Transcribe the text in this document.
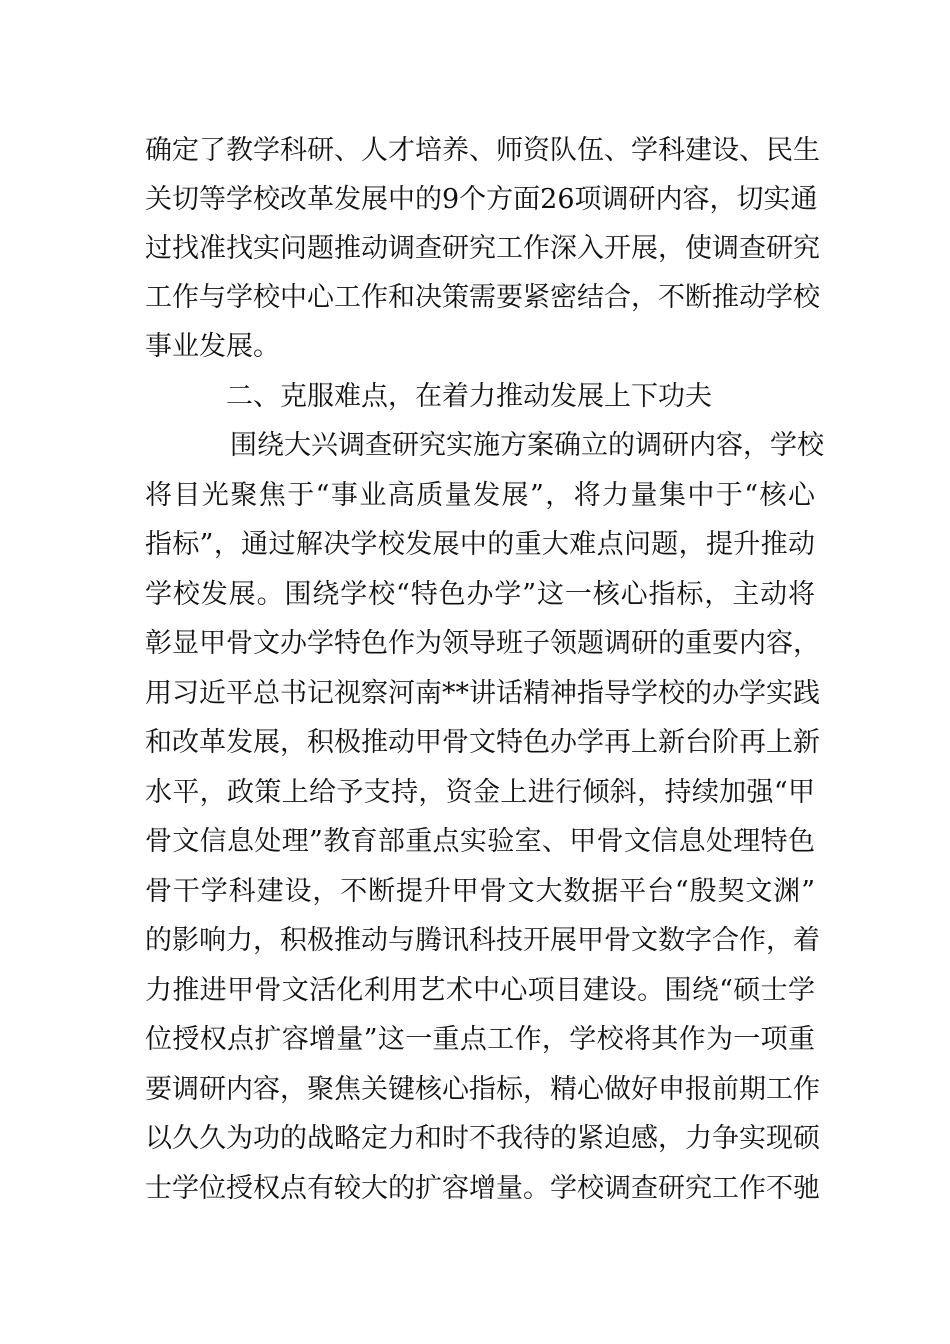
确定了教学科研、人才培养、师资队伍、学科建设、民生
关切等学校改革发展中的9个方面26项调研内容，切实通
过找准找实问题推动调查研究工作深入开展，使调查研究
工作与学校中心工作和决策需要紧密结合，不断推动学校
事业发展。
二、克服难点，在着力推动发展上下功夫
围绕大兴调查研究实施方案确立的调研内容，学校
将目光聚焦于“事业高质量发展”，将力量集中于“核心
指标”，通过解决学校发展中的重大难点问题，提升推动
学校发展。围绕学校“特色办学”这一核心指标，主动将
彰显甲骨文办学特色作为领导班子领题调研的重要内容，
用习近平总书记视察河南**讲话精神指导学校的办学实践
和改革发展，积极推动甲骨文特色办学再上新台阶再上新
水平，政策上给予支持，资金上进行倾斜，持续加强“甲
骨文信息处理”教育部重点实验室、甲骨文信息处理特色
骨干学科建设，不断提升甲骨文大数据平台“殷契文渊”
的影响力，积极推动与腾讯科技开展甲骨文数字合作，着
力推进甲骨文活化利用艺术中心项目建设。围绕“硕士学
位授权点扩容增量”这一重点工作，学校将其作为一项重
要调研内容，聚焦关键核心指标，精心做好申报前期工作
以久久为功的战略定力和时不我待的紧迫感，力争实现硕
士学位授权点有较大的扩容增量。学校调查研究工作不驰
